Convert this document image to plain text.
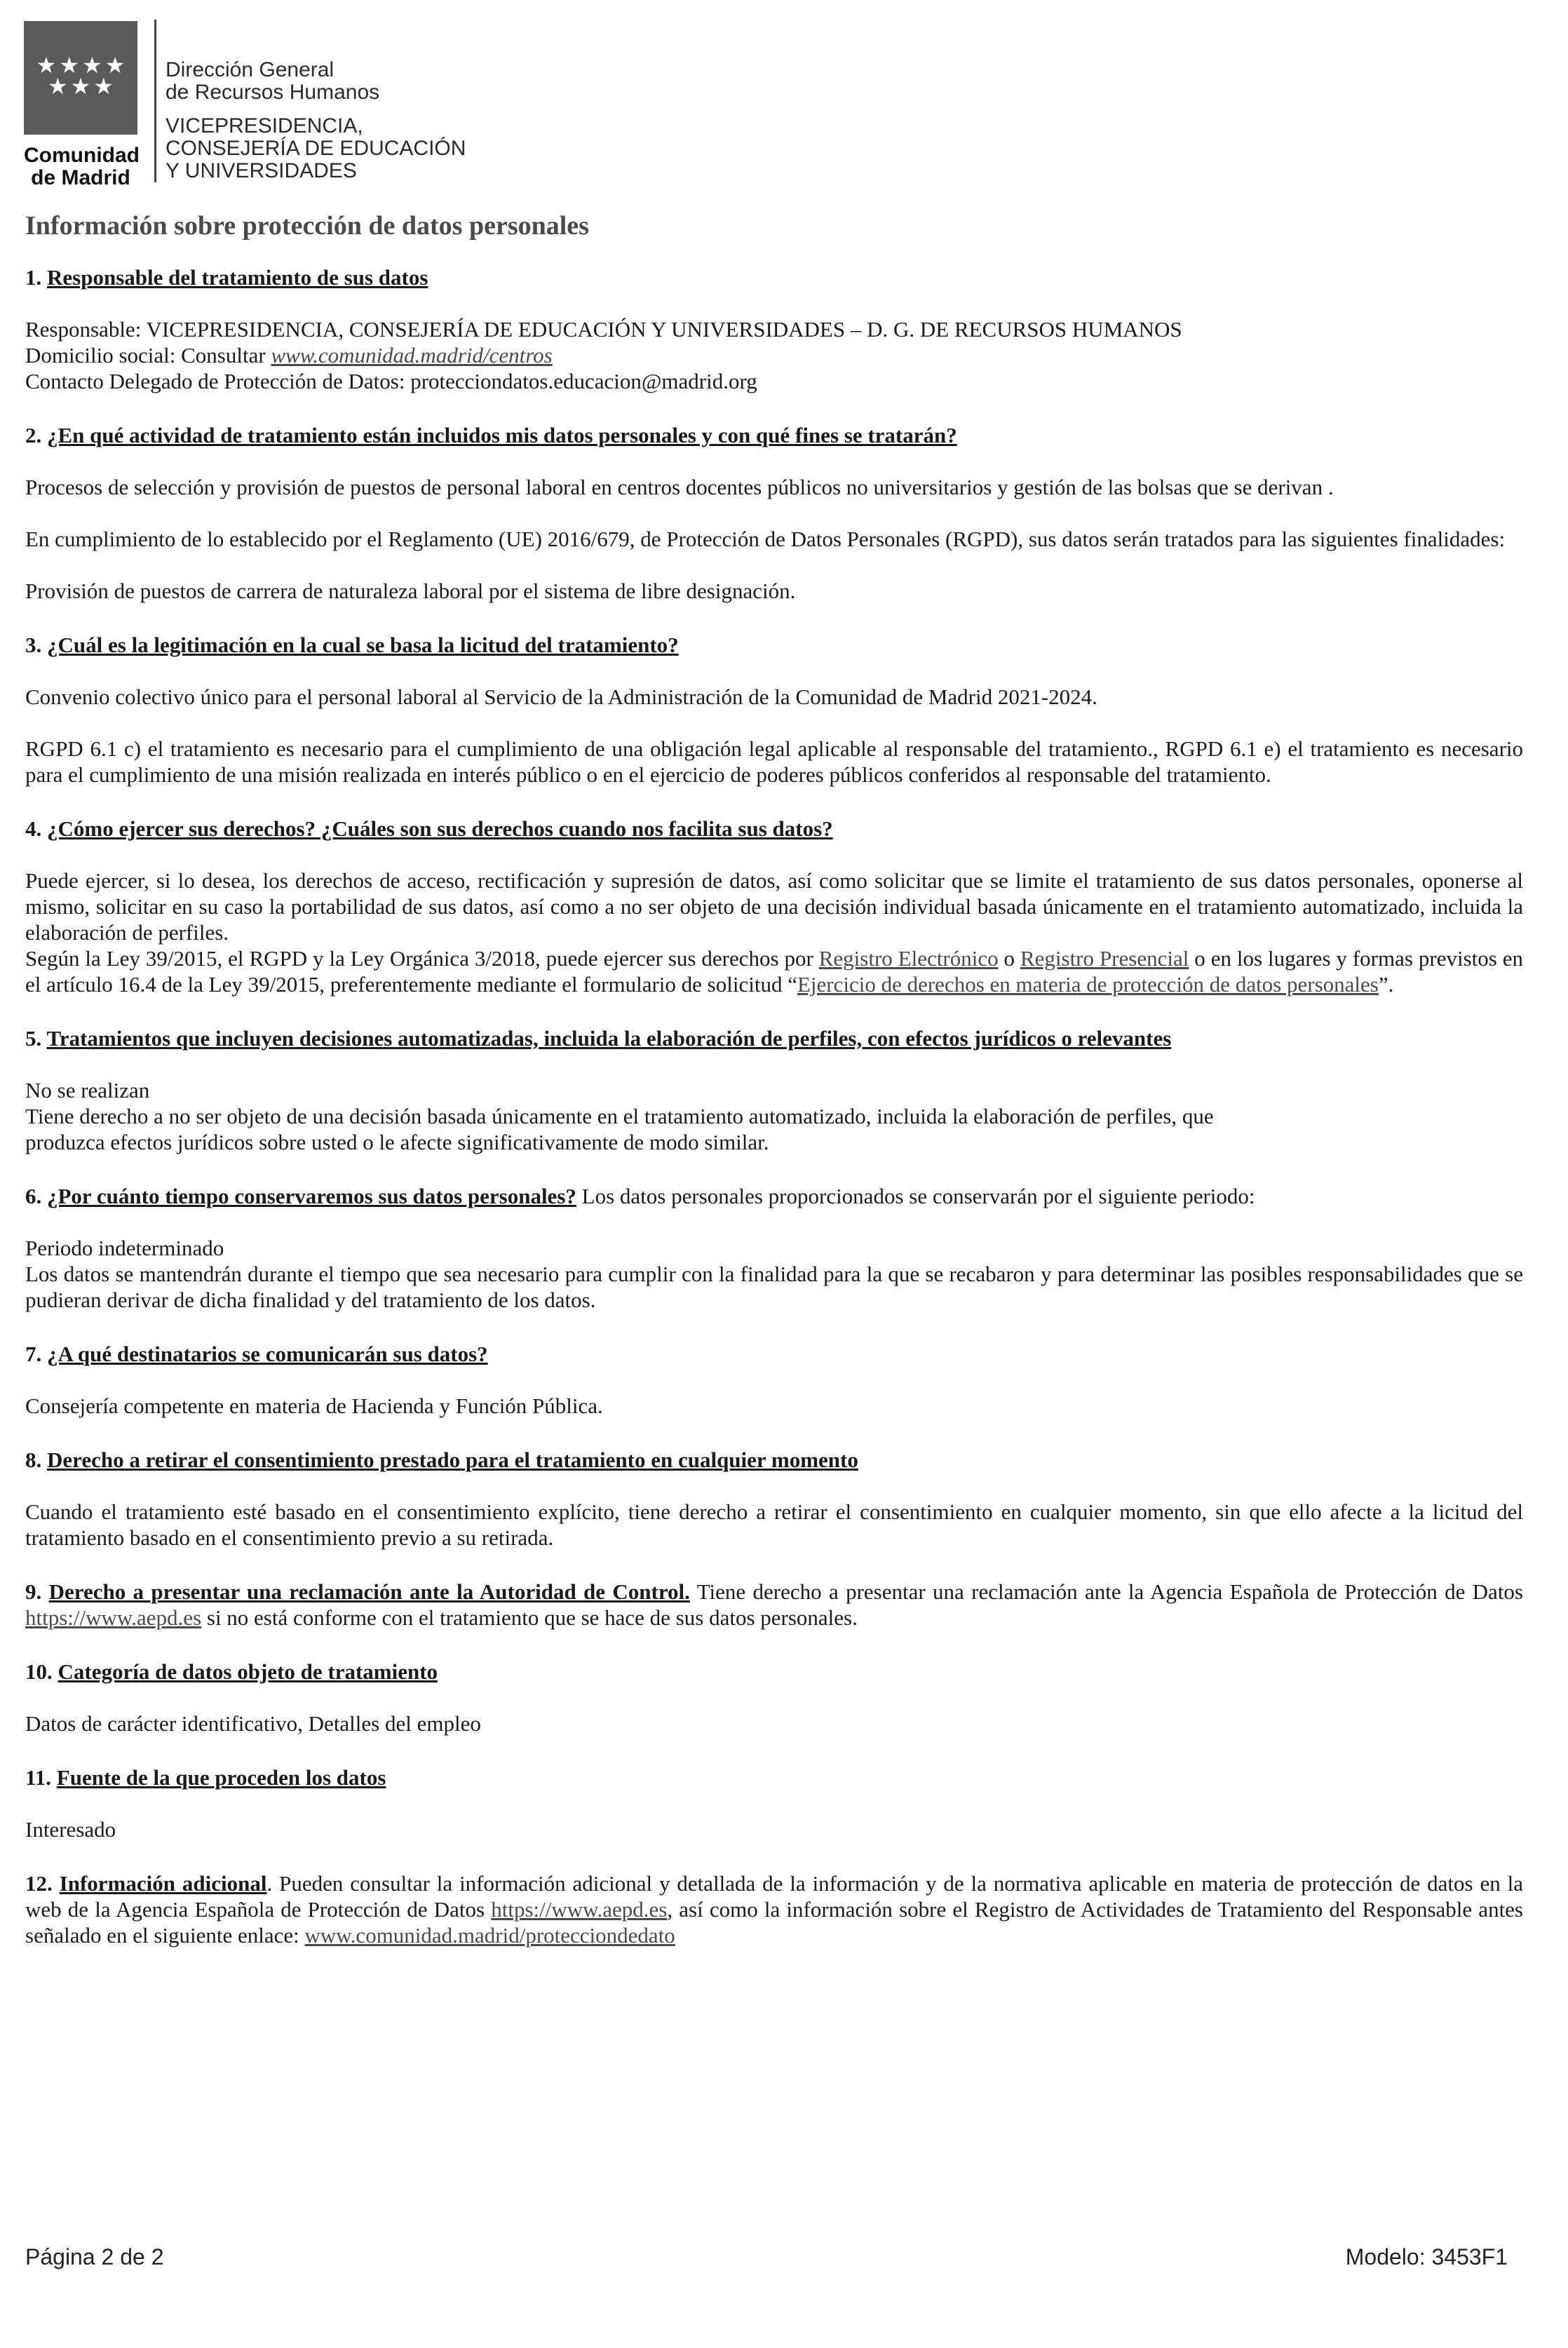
★ ★ ★ ★
★ ★ ★
Comunidad
de Madrid
Dirección General
de Recursos Humanos
VICEPRESIDENCIA,
CONSEJERÍA DE EDUCACIÓN
Y UNIVERSIDADES
Información sobre protección de datos personales

1. Responsable del tratamiento de sus datos

Responsable: VICEPRESIDENCIA, CONSEJERÍA DE EDUCACIÓN Y UNIVERSIDADES – D. G. DE RECURSOS HUMANOS

Domicilio social: Consultar www.comunidad.madrid/centros

Contacto Delegado de Protección de Datos: protecciondatos.educacion@madrid.org

2. ¿En qué actividad de tratamiento están incluidos mis datos personales y con qué fines se tratarán?

Procesos de selección y provisión de puestos de personal laboral en centros docentes públicos no universitarios y gestión de las bolsas que se derivan .

En cumplimiento de lo establecido por el Reglamento (UE) 2016/679, de Protección de Datos Personales (RGPD), sus datos serán tratados para las siguientes finalidades:

Provisión de puestos de carrera de naturaleza laboral por el sistema de libre designación.

3. ¿Cuál es la legitimación en la cual se basa la licitud del tratamiento?

Convenio colectivo único para el personal laboral al Servicio de la Administración de la Comunidad de Madrid 2021-2024.

RGPD 6.1 c) el tratamiento es necesario para el cumplimiento de una obligación legal aplicable al responsable del tratamiento., RGPD 6.1 e) el tratamiento es necesario para el cumplimiento de una misión realizada en interés público o en el ejercicio de poderes públicos conferidos al responsable del tratamiento.

4. ¿Cómo ejercer sus derechos? ¿Cuáles son sus derechos cuando nos facilita sus datos?

Puede ejercer, si lo desea, los derechos de acceso, rectificación y supresión de datos, así como solicitar que se limite el tratamiento de sus datos personales, oponerse al mismo, solicitar en su caso la portabilidad de sus datos, así como a no ser objeto de una decisión individual basada únicamente en el tratamiento automatizado, incluida la elaboración de perfiles.

Según la Ley 39/2015, el RGPD y la Ley Orgánica 3/2018, puede ejercer sus derechos por Registro Electrónico o Registro Presencial o en los lugares y formas previstos en el artículo 16.4 de la Ley 39/2015, preferentemente mediante el formulario de solicitud “Ejercicio de derechos en materia de protección de datos personales”.

5. Tratamientos que incluyen decisiones automatizadas, incluida la elaboración de perfiles, con efectos jurídicos o relevantes

No se realizan

Tiene derecho a no ser objeto de una decisión basada únicamente en el tratamiento automatizado, incluida la elaboración de perfiles, que

produzca efectos jurídicos sobre usted o le afecte significativamente de modo similar.

6. ¿Por cuánto tiempo conservaremos sus datos personales? Los datos personales proporcionados se conservarán por el siguiente periodo:

Periodo indeterminado

Los datos se mantendrán durante el tiempo que sea necesario para cumplir con la finalidad para la que se recabaron y para determinar las posibles responsabilidades que se pudieran derivar de dicha finalidad y del tratamiento de los datos.

7. ¿A qué destinatarios se comunicarán sus datos?

Consejería competente en materia de Hacienda y Función Pública.

8. Derecho a retirar el consentimiento prestado para el tratamiento en cualquier momento

Cuando el tratamiento esté basado en el consentimiento explícito, tiene derecho a retirar el consentimiento en cualquier momento, sin que ello afecte a la licitud del tratamiento basado en el consentimiento previo a su retirada.

9. Derecho a presentar una reclamación ante la Autoridad de Control. Tiene derecho a presentar una reclamación ante la Agencia Española de Protección de Datos https://www.aepd.es si no está conforme con el tratamiento que se hace de sus datos personales.

10. Categoría de datos objeto de tratamiento

Datos de carácter identificativo, Detalles del empleo

11. Fuente de la que proceden los datos

Interesado

12. Información adicional. Pueden consultar la información adicional y detallada de la información y de la normativa aplicable en materia de protección de datos en la web de la Agencia Española de Protección de Datos https://www.aepd.es, así como la información sobre el Registro de Actividades de Tratamiento del Responsable antes señalado en el siguiente enlace: www.comunidad.madrid/protecciondedato

Página 2 de 2	Modelo: 3453F1
